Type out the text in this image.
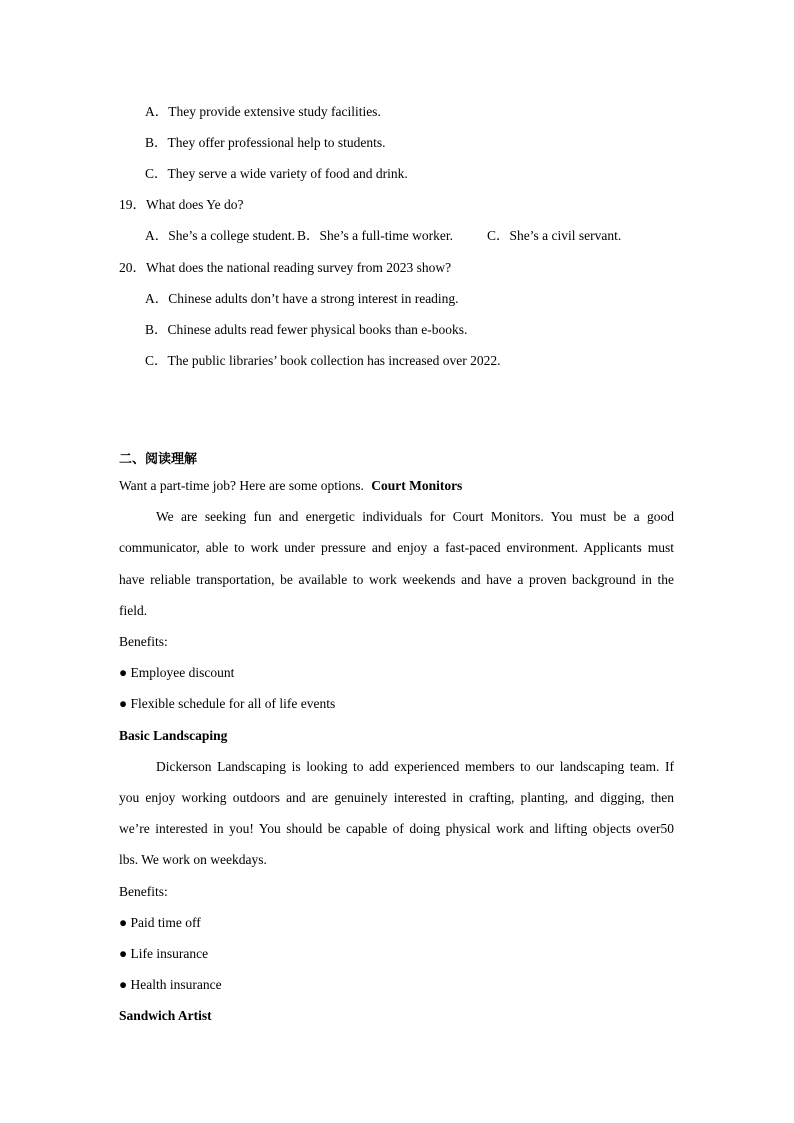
A．They provide extensive study facilities.
B．They offer professional help to students.
C．They serve a wide variety of food and drink.
19．What does Ye do?
A．She’s a college student. B．She’s a full-time worker.	C．She’s a civil servant.
20．What does the national reading survey from 2023 show?
A．Chinese adults don’t have a strong interest in reading.
B．Chinese adults read fewer physical books than e-books.
C．The public libraries’ book collection has increased over 2022.
二、阅读理解
Want a part-time job? Here are some options. Court Monitors
We are seeking fun and energetic individuals for Court Monitors. You must be a good
communicator, able to work under pressure and enjoy a fast-paced environment. Applicants must
have reliable transportation, be available to work weekends and have a proven background in the
field.
Benefits:
● Employee discount
● Flexible schedule for all of life events
Basic Landscaping
Dickerson Landscaping is looking to add experienced members to our landscaping team. If
you enjoy working outdoors and are genuinely interested in crafting, planting, and digging, then
we’re interested in you! You should be capable of doing physical work and lifting objects over50
lbs. We work on weekdays.
Benefits:
● Paid time off
● Life insurance
● Health insurance
Sandwich Artist
